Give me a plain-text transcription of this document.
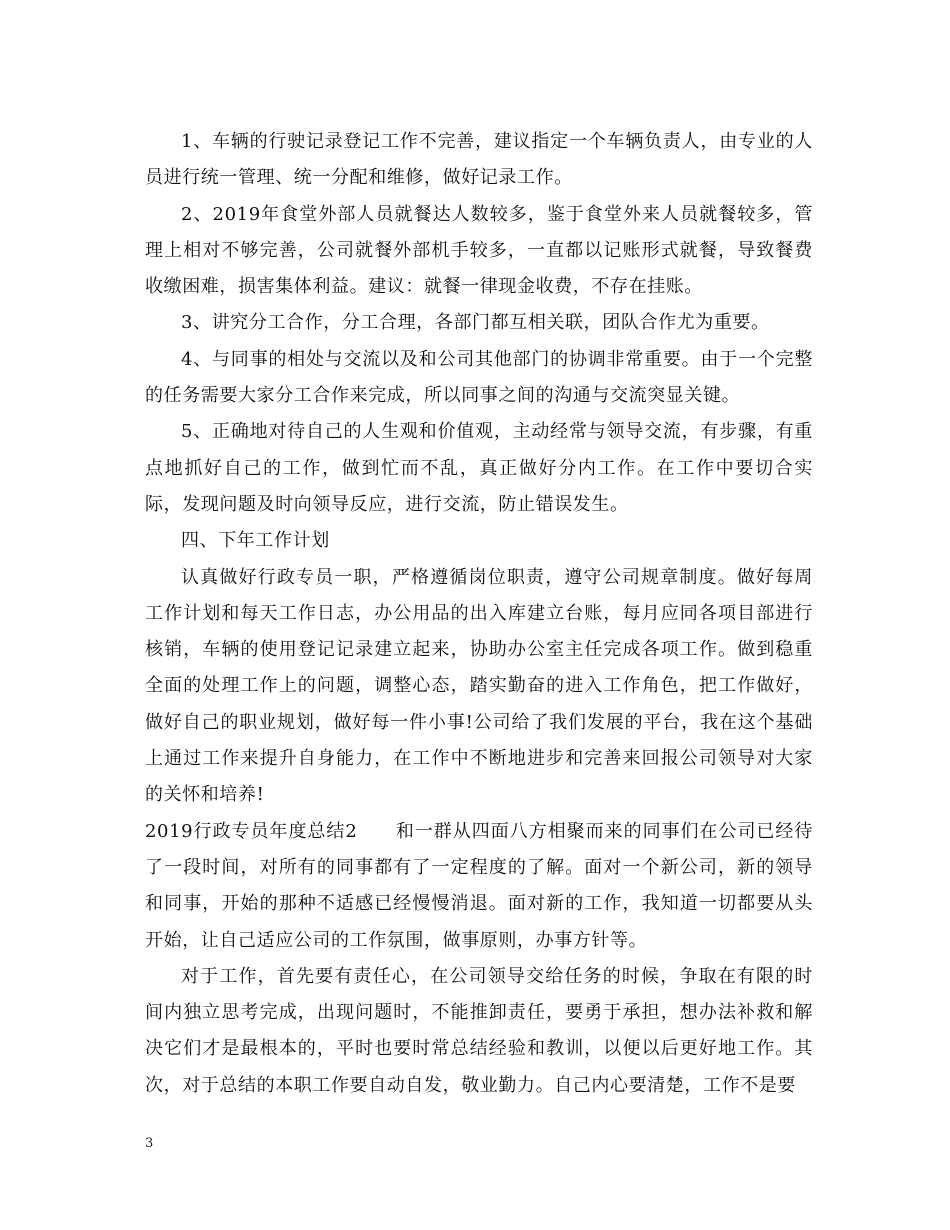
1、车辆的行驶记录登记工作不完善，建议指定一个车辆负责人，由专业的人员进行统一管理、统一分配和维修，做好记录工作。

2、2019年食堂外部人员就餐达人数较多，鉴于食堂外来人员就餐较多，管理上相对不够完善，公司就餐外部机手较多，一直都以记账形式就餐，导致餐费收缴困难，损害集体利益。建议：就餐一律现金收费，不存在挂账。

3、讲究分工合作，分工合理，各部门都互相关联，团队合作尤为重要。

4、与同事的相处与交流以及和公司其他部门的协调非常重要。由于一个完整的任务需要大家分工合作来完成，所以同事之间的沟通与交流突显关键。

5、正确地对待自己的人生观和价值观，主动经常与领导交流，有步骤，有重点地抓好自己的工作，做到忙而不乱，真正做好分内工作。在工作中要切合实际，发现问题及时向领导反应，进行交流，防止错误发生。

四、下年工作计划

认真做好行政专员一职，严格遵循岗位职责，遵守公司规章制度。做好每周工作计划和每天工作日志，办公用品的出入库建立台账，每月应同各项目部进行核销，车辆的使用登记记录建立起来，协助办公室主任完成各项工作。做到稳重全面的处理工作上的问题，调整心态，踏实勤奋的进入工作角色，把工作做好，做好自己的职业规划，做好每一件小事!公司给了我们发展的平台，我在这个基础上通过工作来提升自身能力，在工作中不断地进步和完善来回报公司领导对大家的关怀和培养!

2019行政专员年度总结2 和一群从四面八方相聚而来的同事们在公司已经待了一段时间，对所有的同事都有了一定程度的了解。面对一个新公司，新的领导和同事，开始的那种不适感已经慢慢消退。面对新的工作，我知道一切都要从头开始，让自己适应公司的工作氛围，做事原则，办事方针等。

对于工作，首先要有责任心，在公司领导交给任务的时候，争取在有限的时间内独立思考完成，出现问题时，不能推卸责任，要勇于承担，想办法补救和解决它们才是最根本的，平时也要时常总结经验和教训，以便以后更好地工作。其次，对于总结的本职工作要自动自发，敬业勤力。自己内心要清楚，工作不是要

3
